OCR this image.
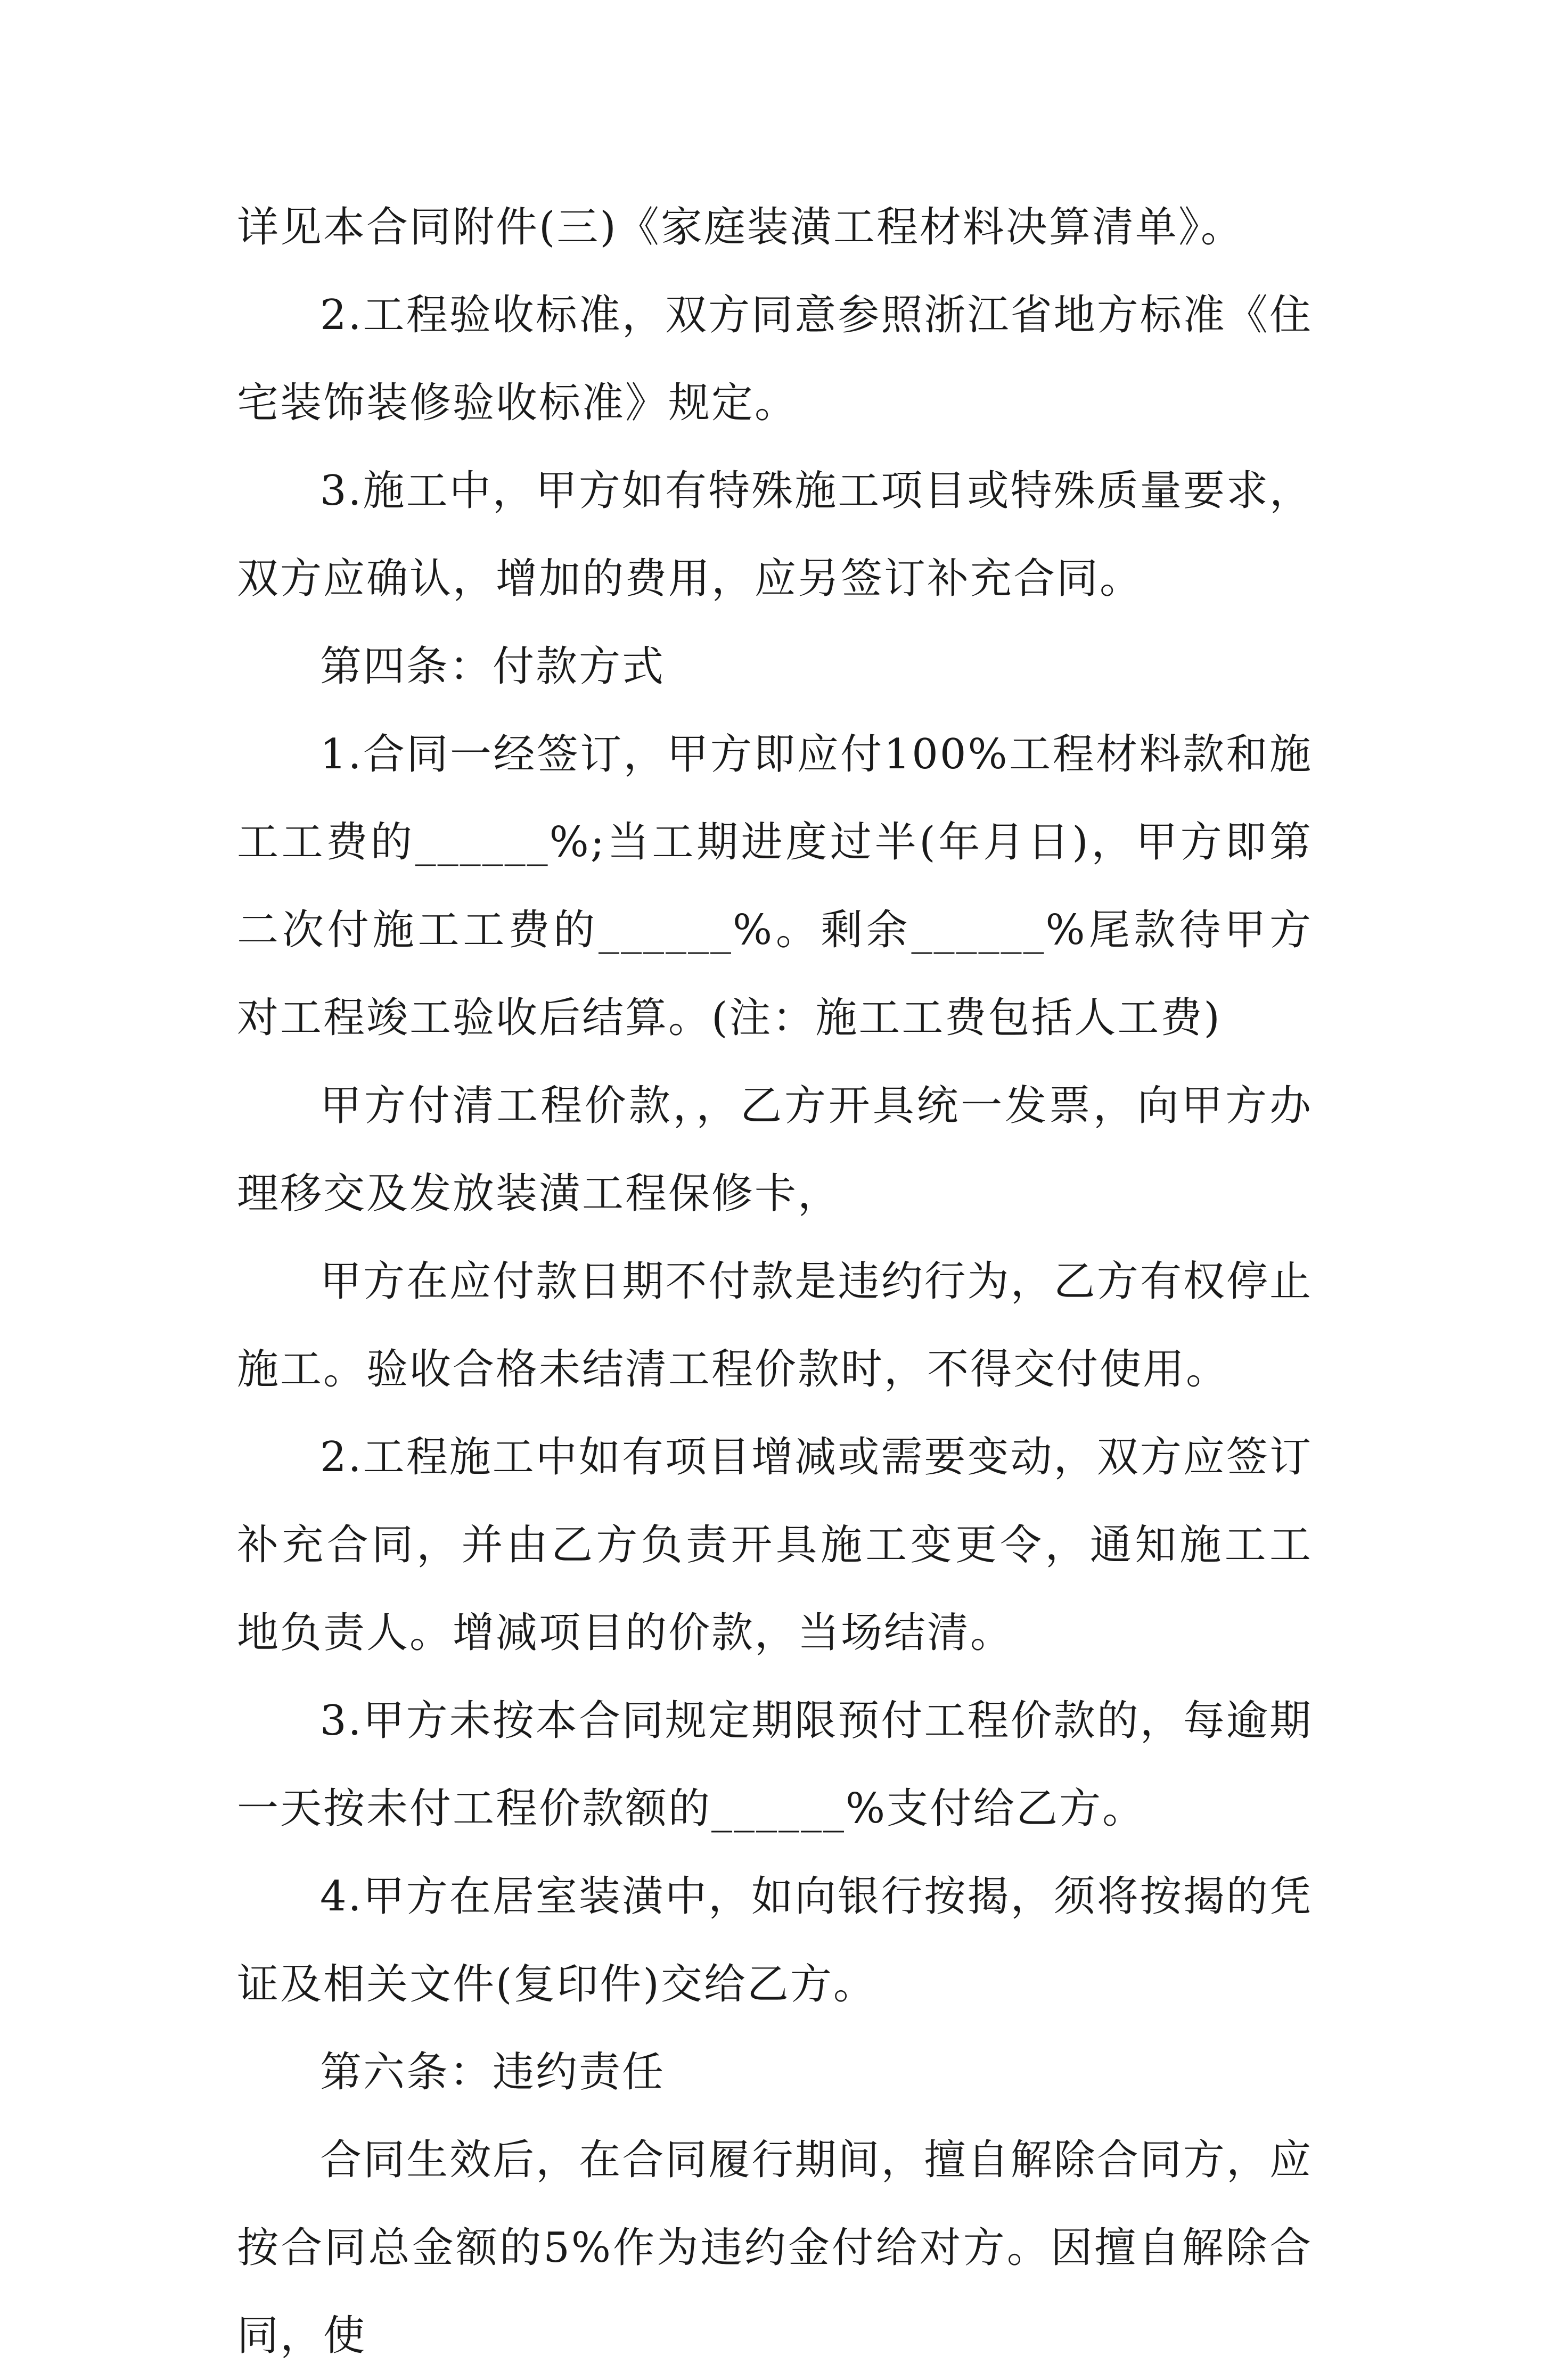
详见本合同附件(三)《家庭装潢工程材料决算清单》。

2.工程验收标准，双方同意参照浙江省地方标准《住宅装饰装修验收标准》规定。

3.施工中，甲方如有特殊施工项目或特殊质量要求，双方应确认，增加的费用，应另签订补充合同。

第四条：付款方式

1.合同一经签订，甲方即应付100%工程材料款和施工工费的______%;当工期进度过半(年月日)，甲方即第二次付施工工费的______%。剩余______%尾款待甲方对工程竣工验收后结算。(注：施工工费包括人工费)

甲方付清工程价款，，乙方开具统一发票，向甲方办理移交及发放装潢工程保修卡，

甲方在应付款日期不付款是违约行为，乙方有权停止施工。验收合格未结清工程价款时，不得交付使用。

2.工程施工中如有项目增减或需要变动，双方应签订补充合同，并由乙方负责开具施工变更令，通知施工工地负责人。增减项目的价款，当场结清。

3.甲方未按本合同规定期限预付工程价款的，每逾期一天按未付工程价款额的______%支付给乙方。

4.甲方在居室装潢中，如向银行按揭，须将按揭的凭证及相关文件(复印件)交给乙方。

第六条：违约责任

合同生效后，在合同履行期间，擅自解除合同方，应按合同总金额的5%作为违约金付给对方。因擅自解除合同，使
